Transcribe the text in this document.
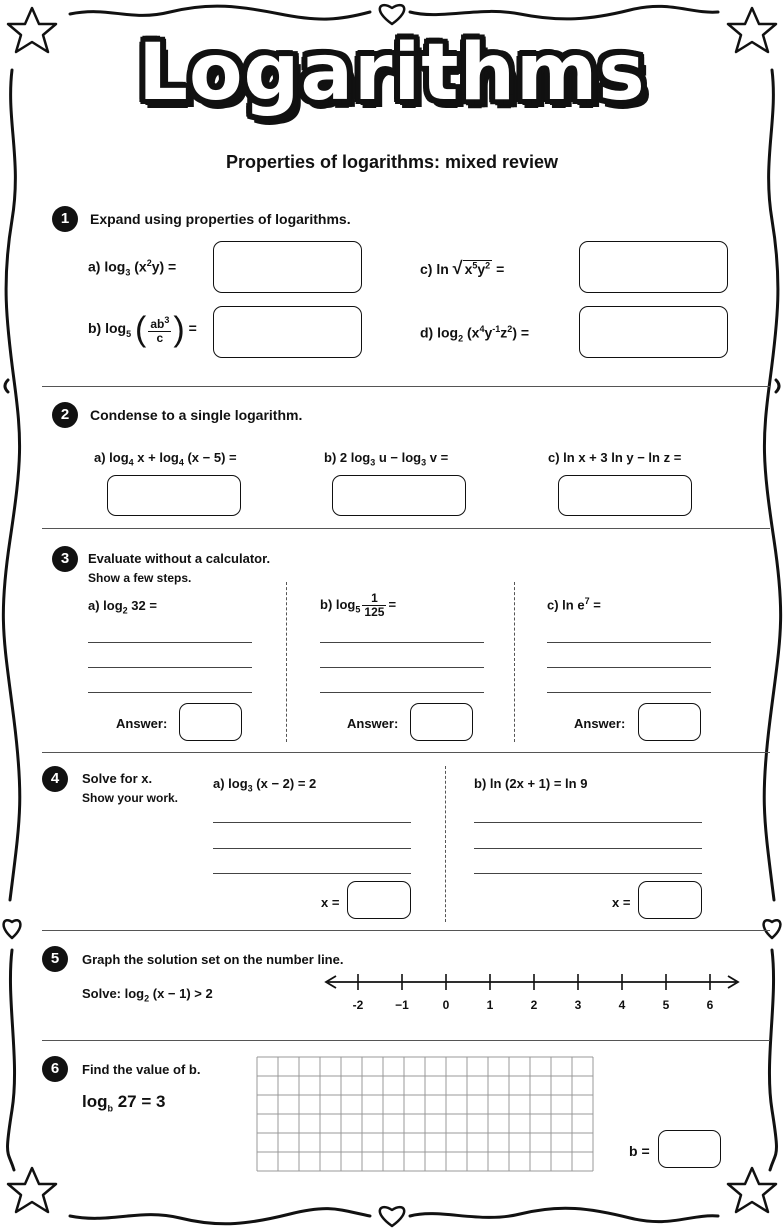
Logarithms
Properties of logarithms: mixed review
1	Expand using properties of logarithms.
a) $\log_3 (x^2y)$ =	c) ln √ $x^5y^2$ =
b) $\log_5$ ( $\frac{ab^3}{c}$ ) =	d) $\log_2 (x^4y^{-1}z^2)$ =
2	Condense to a single logarithm.
a) $\log_4 x + \log_4 (x - 5)$ =	b) 2 $\log_3 u - \log_3 v$ =	c) ln x + 3 ln y − ln z =
3	Evaluate without a calculator.
Show a few steps.
a) $\log_2 32$ =
Answer:
b) $\log_5 \frac{1}{125}$ =
Answer:
c) $\ln e^7$ =
Answer:
4	Solve for x.
Show your work.
a) $\log_3 (x - 2) = 2$
x =
b) ln (2x + 1) = ln 9
x =
5	Graph the solution set on the number line.
Solve: $\log_2 (x - 1) > 2$
-2	−1	0	1	2	3	4	5	6
6	Find the value of b.
$\log_b 27 = 3$
b =
